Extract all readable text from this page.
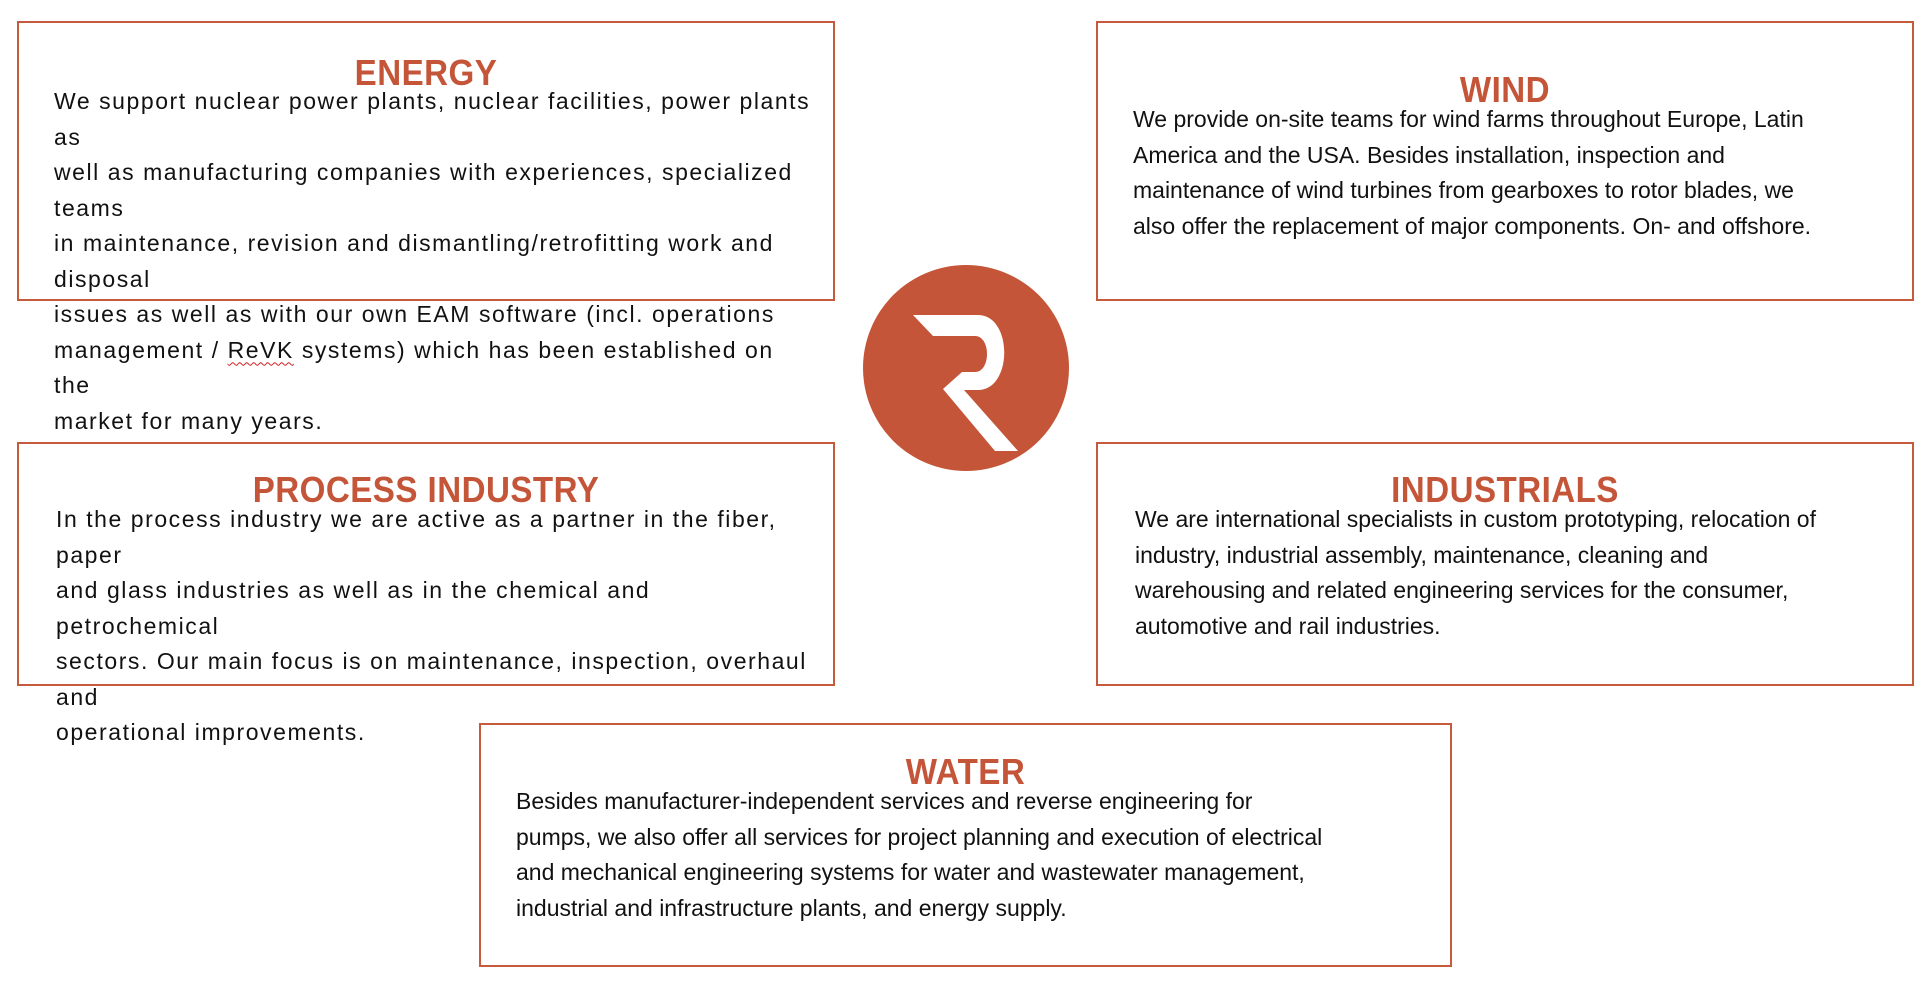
ENERGY

We support nuclear power plants, nuclear facilities, power plants as
well as manufacturing companies with experiences, specialized teams
in maintenance, revision and dismantling/retrofitting work and disposal
issues as well as with our own EAM software (incl. operations
management / ReVK systems) which has been established on the
market for many years.

WIND

We provide on-site teams for wind farms throughout Europe, Latin
America and the USA. Besides installation, inspection and
maintenance of wind turbines from gearboxes to rotor blades, we
also offer the replacement of major components. On- and offshore.

PROCESS INDUSTRY

In the process industry we are active as a partner in the fiber, paper
and glass industries as well as in the chemical and petrochemical
sectors. Our main focus is on maintenance, inspection, overhaul and
operational improvements.

INDUSTRIALS

We are international specialists in custom prototyping, relocation of
industry, industrial assembly, maintenance, cleaning and
warehousing and related engineering services for the consumer,
automotive and rail industries.

WATER

Besides manufacturer-independent services and reverse engineering for
pumps, we also offer all services for project planning and execution of electrical
and mechanical engineering systems for water and wastewater management,
industrial and infrastructure plants, and energy supply.
